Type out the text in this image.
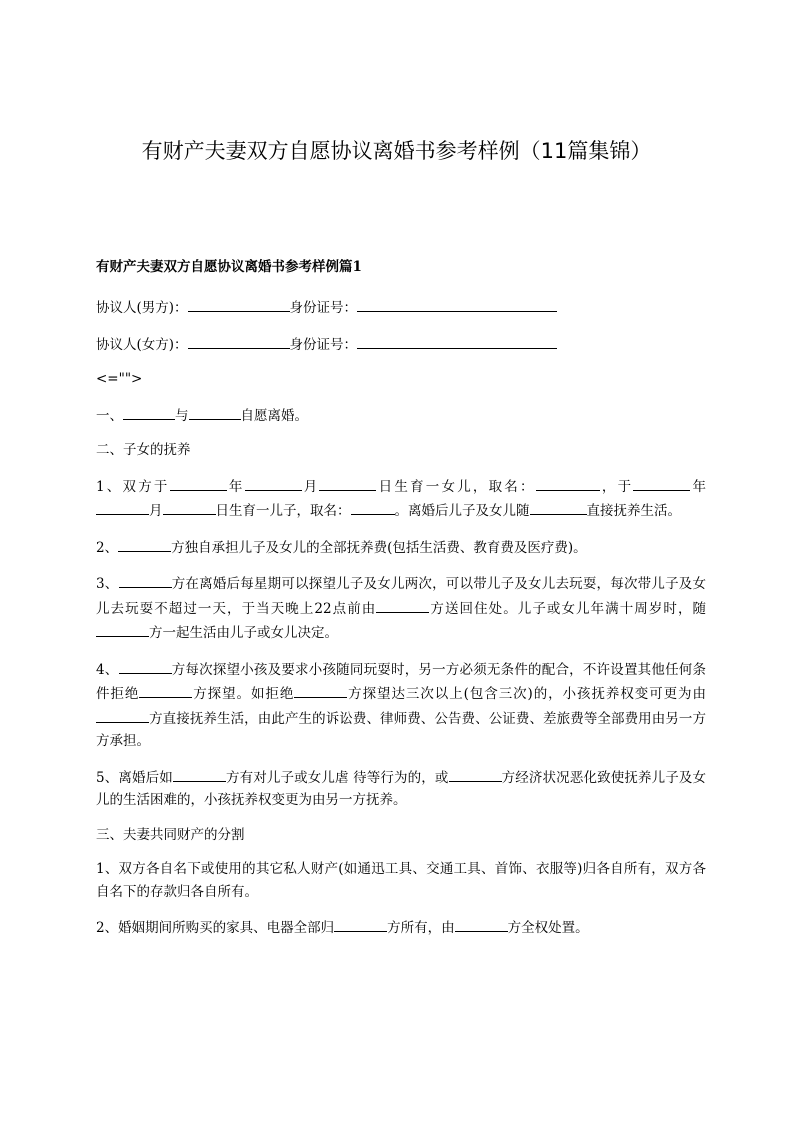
有财产夫妻双方自愿协议离婚书参考样例（11篇集锦）
有财产夫妻双方自愿协议离婚书参考样例篇1
协议人(男方)：	身份证号：
协议人(女方)：	身份证号：
<="">
一、	与	自愿离婚。
二、子女的抚养
1、双方于	年	月	日生育一女儿，取名：	，于	年月	日生育一儿子，取名：	。离婚后儿子及女儿随	直接抚养生活。
2、	方独自承担儿子及女儿的全部抚养费(包括生活费、教育费及医疗费)。
3、	方在离婚后每星期可以探望儿子及女儿两次，可以带儿子及女儿去玩耍，每次带儿子及女儿去玩耍不超过一天，于当天晚上22点前由	方送回住处。儿子或女儿年满十周岁时，随方一起生活由儿子或女儿决定。
4、	方每次探望小孩及要求小孩随同玩耍时，另一方必须无条件的配合，不许设置其他任何条件拒绝	方探望。如拒绝	方探望达三次以上(包含三次)的，小孩抚养权变可更为由方直接抚养生活，由此产生的诉讼费、律师费、公告费、公证费、差旅费等全部费用由另一方方承担。
5、离婚后如	方有对儿子或女儿虐 待等行为的，或	方经济状况恶化致使抚养儿子及女儿的生活困难的，小孩抚养权变更为由另一方抚养。
三、夫妻共同财产的分割
1、双方各自名下或使用的其它私人财产(如通迅工具、交通工具、首饰、衣服等)归各自所有，双方各自名下的存款归各自所有。
2、婚姻期间所购买的家具、电器全部归	方所有，由	方全权处置。
